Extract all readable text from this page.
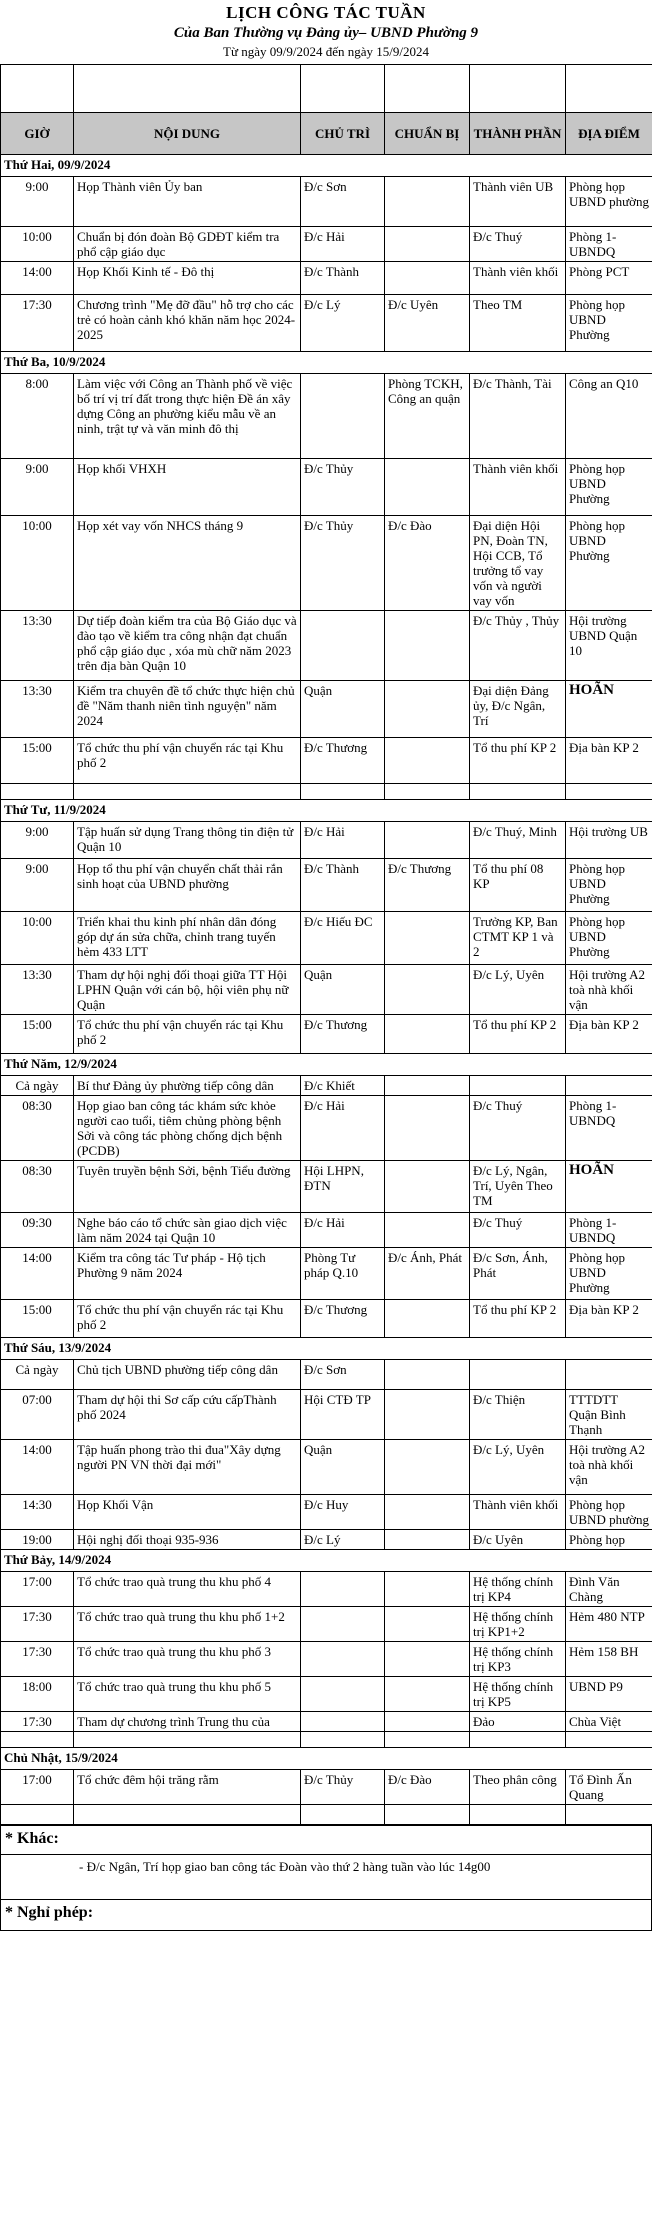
LỊCH CÔNG TÁC TUẦN
Của Ban Thường vụ Đảng ủy– UBND Phường 9
Từ ngày 09/9/2024 đến ngày 15/9/2024

GIỜ	NỘI DUNG	CHỦ TRÌ	CHUẨN BỊ	THÀNH PHẦN	ĐỊA ĐIỂM
Thứ Hai, 09/9/2024					
9:00	Họp Thành viên Ủy ban	Đ/c Sơn		Thành viên UB	Phòng họp UBND phường
10:00	Chuẩn bị đón đoàn Bộ GDĐT kiểm tra phổ cập giáo dục	Đ/c Hải		Đ/c Thuý	Phòng 1-UBNDQ
14:00	Họp Khối Kinh tế - Đô thị	Đ/c Thành		Thành viên khối	Phòng PCT
17:30	Chương trình "Mẹ đỡ đầu" hỗ trợ cho các trẻ có hoàn cảnh khó khăn năm học 2024-2025	Đ/c Lý	Đ/c Uyên	Theo TM	Phòng họp UBND Phường
Thứ Ba, 10/9/2024					
8:00	Làm việc với Công an Thành phố về việc bố trí vị trí đất trong thực hiện Đề án xây dựng Công an phường kiểu mẫu về an ninh, trật tự và văn minh đô thị		Phòng TCKH, Công an quận	Đ/c Thành, Tài	Công an Q10
9:00	Họp khối VHXH	Đ/c Thủy		Thành viên khối	Phòng họp UBND Phường
10:00	Họp xét vay vốn NHCS tháng 9	Đ/c Thủy	Đ/c Đào	Đại diện Hội PN, Đoàn TN, Hội CCB, Tổ trưởng tổ vay vốn và người vay vốn	Phòng họp UBND Phường
13:30	Dự tiếp đoàn kiểm tra của Bộ Giáo dục và đào tạo về kiểm tra công nhận đạt chuẩn phổ cập giáo dục , xóa mù chữ năm 2023 trên địa bàn Quận 10			Đ/c Thủy , Thủy	Hội trường UBND Quận 10
13:30	Kiểm tra chuyên đề tổ chức thực hiện chủ đề "Năm thanh niên tình nguyện" năm 2024	Quận		Đại diện Đảng ủy, Đ/c Ngân, Trí	HOÃN
15:00	Tổ chức thu phí vận chuyển rác tại Khu phố 2	Đ/c Thương		Tổ thu phí KP 2	Địa bàn KP 2

Thứ Tư, 11/9/2024					
9:00	Tập huấn sử dụng Trang thông tin điện tử Quận 10	Đ/c Hải		Đ/c Thuý, Minh	Hội trường UB
9:00	Họp tổ thu phí vận chuyển chất thải rắn sinh hoạt của UBND phường	Đ/c Thành	Đ/c Thương	Tổ thu phí 08 KP	Phòng họp UBND Phường
10:00	Triển khai thu kinh phí nhân dân đóng góp dự án sửa chữa, chỉnh trang tuyến hẻm 433 LTT	Đ/c Hiếu ĐC		Trưởng KP, Ban CTMT KP 1 và 2	Phòng họp UBND Phường
13:30	Tham dự hội nghị đối thoại giữa TT Hội LPHN Quận với cán bộ, hội viên phụ nữ Quận	Quận		Đ/c Lý, Uyên	Hội trường A2 toà nhà khối vận
15:00	Tổ chức thu phí vận chuyển rác tại Khu phố 2	Đ/c Thương		Tổ thu phí KP 2	Địa bàn KP 2
Thứ Năm, 12/9/2024					
Cả ngày	Bí thư Đảng ủy phường tiếp công dân	Đ/c Khiết			
08:30	Họp giao ban công tác khám sức khỏe người cao tuổi, tiêm chủng phòng bệnh Sởi và công tác phòng chống dịch bệnh (PCDB)	Đ/c Hải		Đ/c Thuý	Phòng 1-UBNDQ
08:30	Tuyên truyền bệnh Sởi, bệnh Tiểu đường	Hội LHPN, ĐTN		Đ/c Lý, Ngân, Trí, Uyên Theo TM	HOÃN
09:30	Nghe báo cáo tổ chức sàn giao dịch việc làm năm 2024 tại Quận 10	Đ/c Hải		Đ/c Thuý	Phòng 1-UBNDQ
14:00	Kiểm tra công tác Tư pháp - Hộ tịch Phường 9 năm 2024	Phòng Tư pháp Q.10	Đ/c Ánh, Phát	Đ/c Sơn, Ánh, Phát	Phòng họp UBND Phường
15:00	Tổ chức thu phí vận chuyển rác tại Khu phố 2	Đ/c Thương		Tổ thu phí KP 2	Địa bàn KP 2
Thứ Sáu, 13/9/2024					
Cả ngày	Chủ tịch UBND phường tiếp công dân	Đ/c Sơn			
07:00	Tham dự hội thi Sơ cấp cứu cấpThành phố 2024	Hội CTĐ TP		Đ/c Thiện	TTTDTT Quận Bình Thạnh
14:00	Tập huấn phong trào thi đua"Xây dựng người PN VN thời đại mới"	Quận		Đ/c Lý, Uyên	Hội trường A2 toà nhà khối vận
14:30	Họp Khối Vận	Đ/c Huy		Thành viên khối	Phòng họp UBND phường
19:00	Hội nghị đối thoại 935-936	Đ/c Lý		Đ/c Uyên	Phòng họp
Thứ Bảy, 14/9/2024					
17:00	Tổ chức trao quà trung thu khu phố 4			Hệ thống chính trị KP4	Đình Văn Chàng
17:30	Tổ chức trao quà trung thu khu phố 1+2			Hệ thống chính trị KP1+2	Hẻm 480 NTP
17:30	Tổ chức trao quà trung thu khu phố 3			Hệ thống chính trị KP3	Hẻm 158 BH
18:00	Tổ chức trao quà trung thu khu phố 5			Hệ thống chính trị KP5	UBND P9
17:30	Tham dự chương trình Trung thu của			Đảo	Chùa Việt

Chủ Nhật, 15/9/2024					
17:00	Tổ chức đêm hội trăng rằm	Đ/c Thủy	Đ/c Đào	Theo phân công	Tổ Đình Ấn Quang

* Khác:
- Đ/c Ngân, Trí họp giao ban công tác Đoàn vào thứ 2 hàng tuần vào lúc 14g00
* Nghỉ phép:
